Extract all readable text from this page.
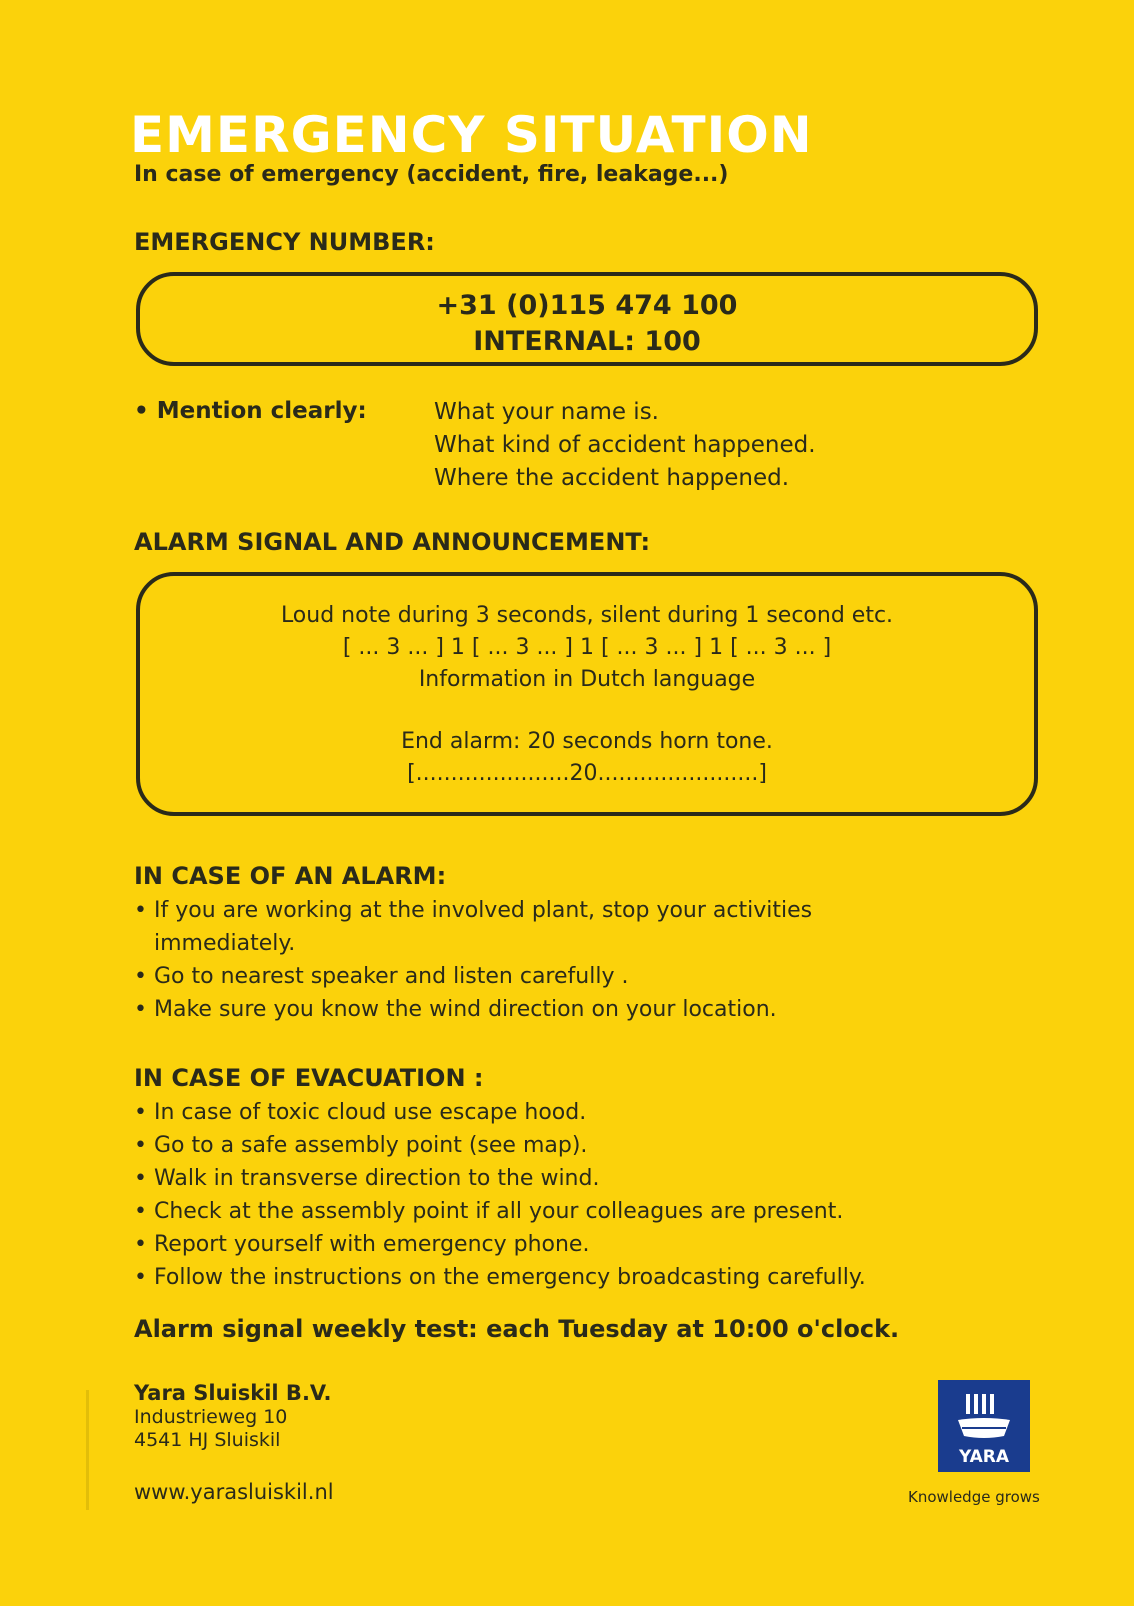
EMERGENCY SITUATION

In case of emergency (accident, fire, leakage...)

EMERGENCY NUMBER:

+31 (0)115 474 100
INTERNAL: 100

• Mention clearly:	What your name is.
What kind of accident happened.
Where the accident happened.

ALARM SIGNAL AND ANNOUNCEMENT:

Loud note during 3 seconds, silent during 1 second etc.
[ ... 3 ... ] 1 [ ... 3 ... ] 1 [ ... 3 ... ] 1 [ ... 3 ... ]
Information in Dutch language
End alarm: 20 seconds horn tone.
[......................20.......................]

IN CASE OF AN ALARM:

• If you are working at the involved plant, stop your activities immediately.
• Go to nearest speaker and listen carefully .
• Make sure you know the wind direction on your location.

IN CASE OF EVACUATION :

• In case of toxic cloud use escape hood.
• Go to a safe assembly point (see map).
• Walk in transverse direction to the wind.
• Check at the assembly point if all your colleagues are present.
• Report yourself with emergency phone.
• Follow the instructions on the emergency broadcasting carefully.

Alarm signal weekly test: each Tuesday at 10:00 o'clock.

Yara Sluiskil B.V.
Industrieweg 10
4541 HJ Sluiskil
www.yarasluiskil.nl
YARA
Knowledge grows
